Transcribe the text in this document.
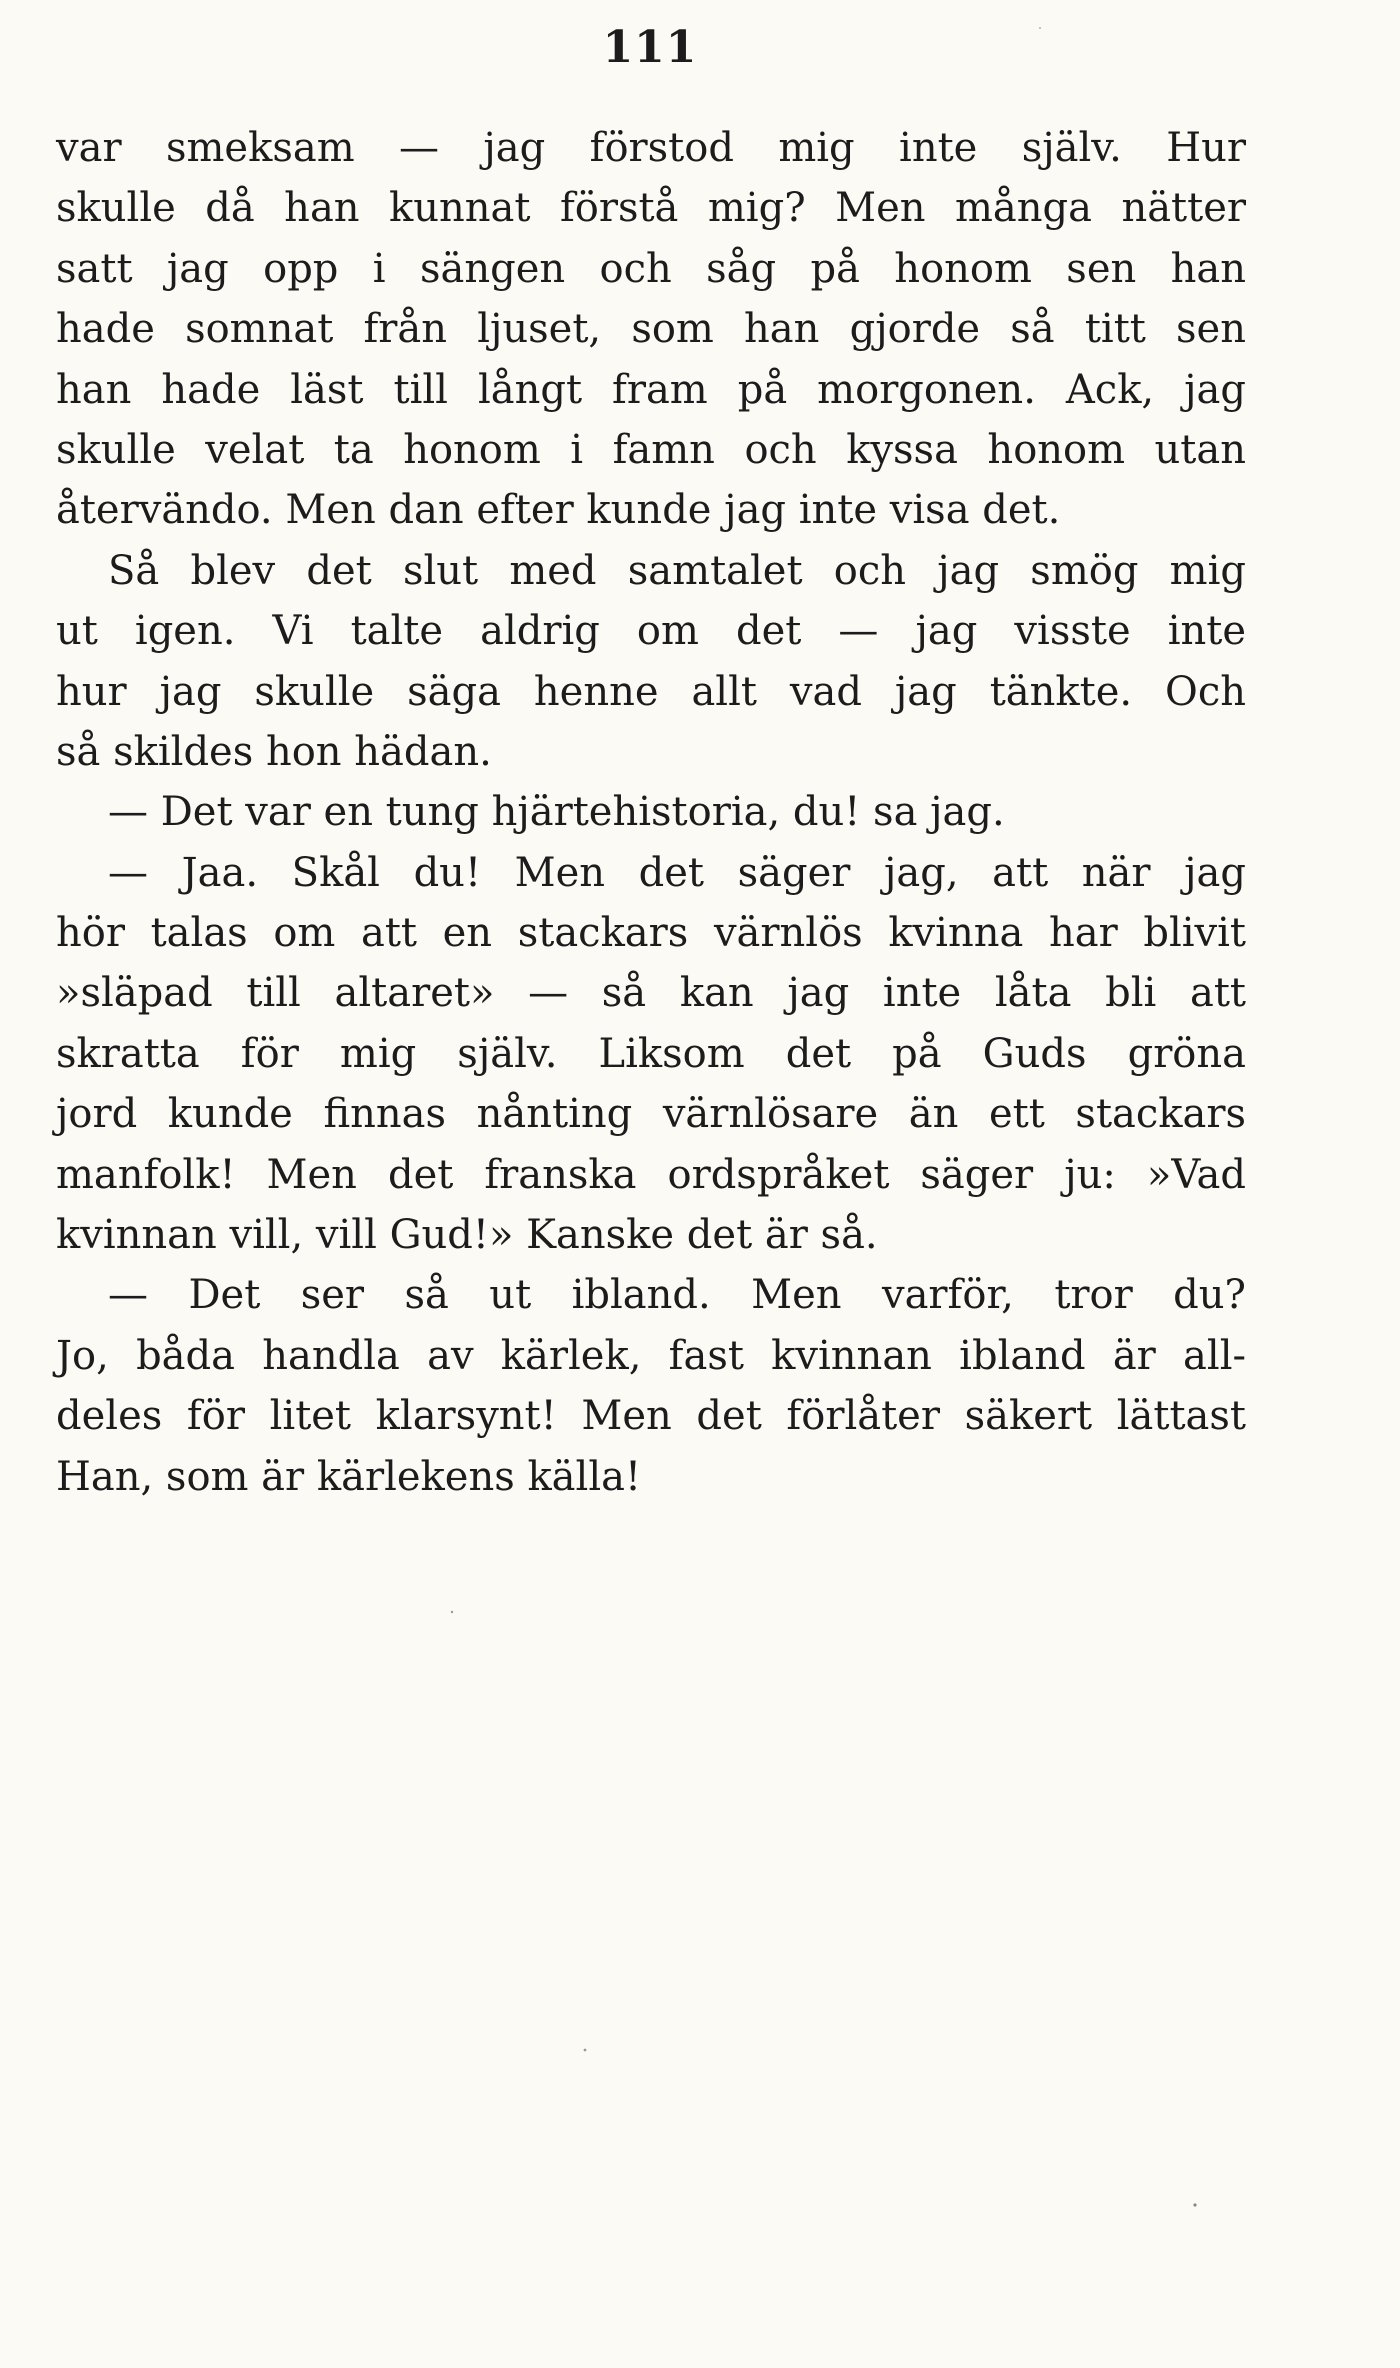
111
var smeksam — jag förstod mig inte själv. Hur
skulle då han kunnat förstå mig? Men många nätter
satt jag opp i sängen och såg på honom sen han
hade somnat från ljuset, som han gjorde så titt sen
han hade läst till långt fram på morgonen. Ack, jag
skulle velat ta honom i famn och kyssa honom utan
återvändo. Men dan efter kunde jag inte visa det.
Så blev det slut med samtalet och jag smög mig
ut igen. Vi talte aldrig om det — jag visste inte
hur jag skulle säga henne allt vad jag tänkte. Och
så skildes hon hädan.
— Det var en tung hjärtehistoria, du! sa jag.
— Jaa. Skål du! Men det säger jag, att när jag
hör talas om att en stackars värnlös kvinna har blivit
»släpad till altaret» — så kan jag inte låta bli att
skratta för mig själv. Liksom det på Guds gröna
jord kunde finnas nånting värnlösare än ett stackars
manfolk! Men det franska ordspråket säger ju: »Vad
kvinnan vill, vill Gud!» Kanske det är så.
— Det ser så ut ibland. Men varför, tror du?
Jo, båda handla av kärlek, fast kvinnan ibland är all-
deles för litet klarsynt! Men det förlåter säkert lättast
Han, som är kärlekens källa!
